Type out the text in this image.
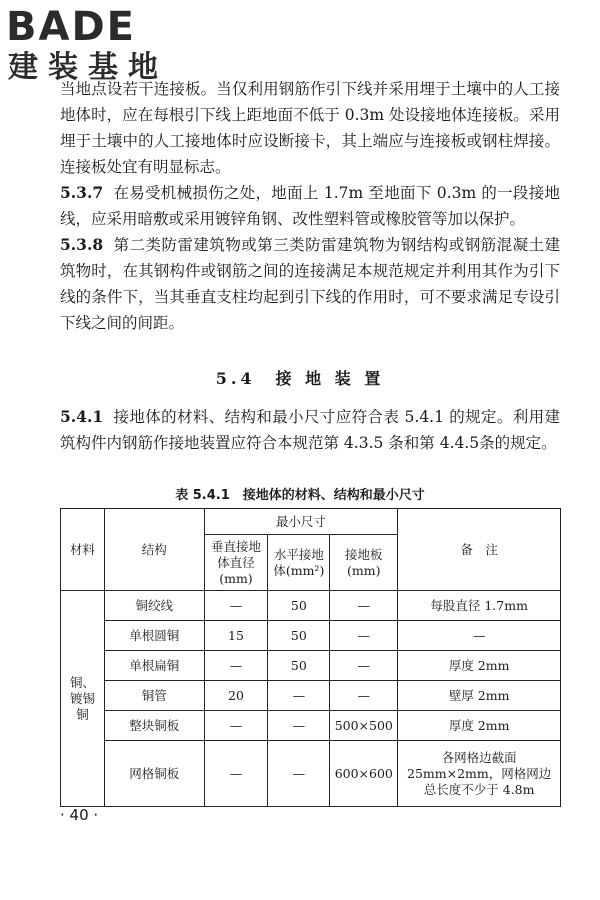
BADE
建装基地

当地点设若干连接板。当仅利用钢筋作引下线并采用埋于土壤中的人工接地体时，应在每根引下线上距地面不低于 0.3m 处设接地体连接板。采用埋于土壤中的人工接地体时应设断接卡，其上端应与连接板或钢柱焊接。连接板处宜有明显标志。

5.3.7 在易受机械损伤之处，地面上 1.7m 至地面下 0.3m 的一段接地线，应采用暗敷或采用镀锌角钢、改性塑料管或橡胶管等加以保护。

5.3.8 第二类防雷建筑物或第三类防雷建筑物为钢结构或钢筋混凝土建筑物时，在其钢构件或钢筋之间的连接满足本规范规定并利用其作为引下线的条件下，当其垂直支柱均起到引下线的作用时，可不要求满足专设引下线之间的间距。

5.4　接 地 装 置

5.4.1 接地体的材料、结构和最小尺寸应符合表 5.4.1 的规定。利用建筑构件内钢筋作接地装置应符合本规范第 4.3.5 条和第 4.4.5条的规定。

表 5.4.1　接地体的材料、结构和最小尺寸
材料	结构	最小尺寸			备　注
		垂直接地体直径(mm)	水平接地体(mm²)	接地板(mm)	
铜、镀锡铜	铜绞线	—	50	—	每股直径 1.7mm
	单根圆铜	15	50	—	—
	单根扁铜	—	50	—	厚度 2mm
	铜管	20	—	—	壁厚 2mm
	整块铜板	—	—	500×500	厚度 2mm
	网格铜板	—	—	600×600	各网格边截面 25mm×2mm，网格网边总长度不少于 4.8m
· 40 ·
